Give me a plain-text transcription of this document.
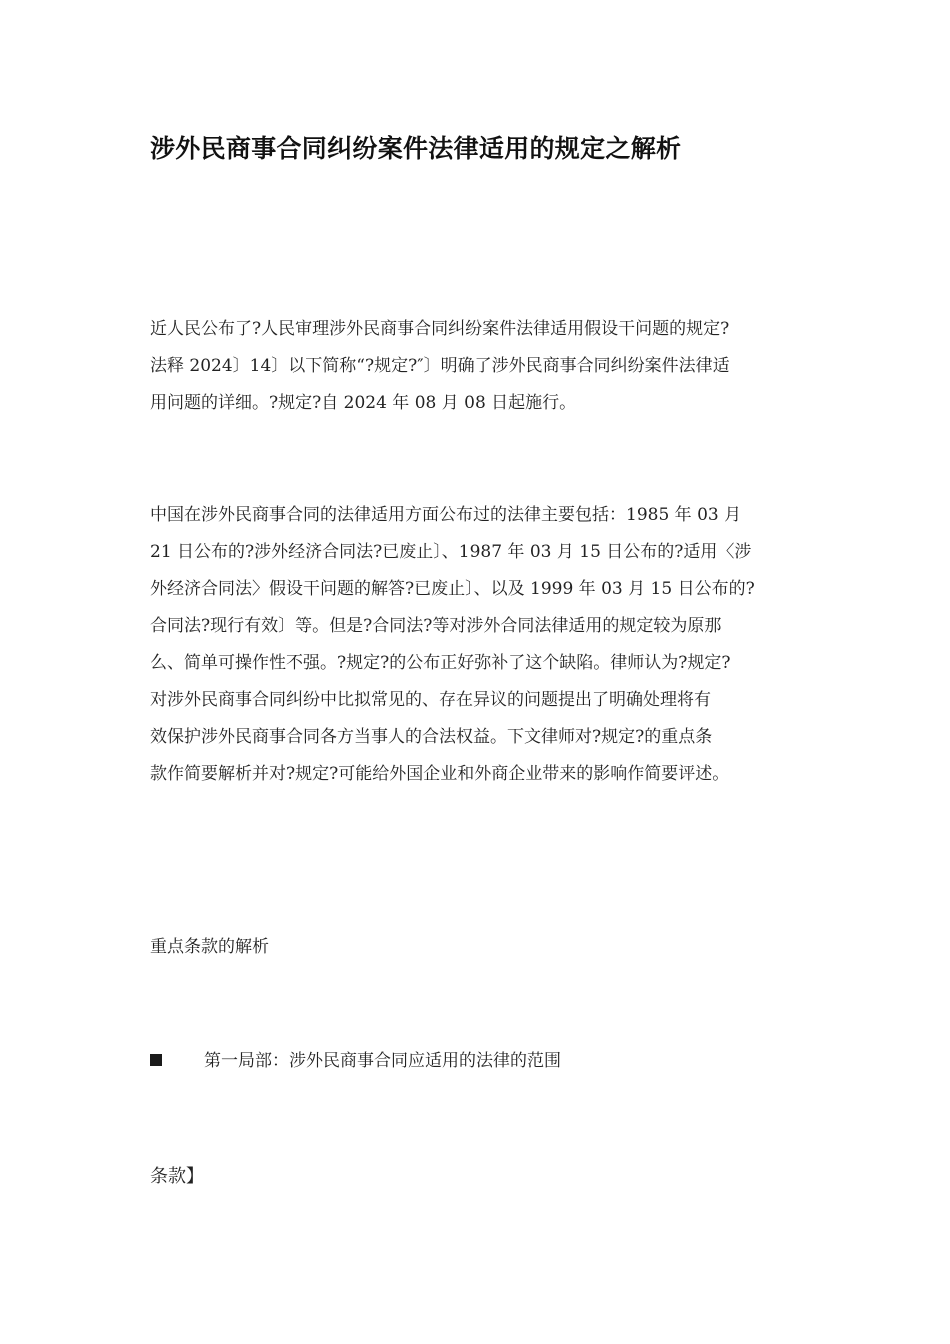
涉外民商事合同纠纷案件法律适用的规定之解析
近人民公布了?人民审理涉外民商事合同纠纷案件法律适用假设干问题的规定?
法释 2024〕14〕以下简称“?规定?″〕明确了涉外民商事合同纠纷案件法律适
用问题的详细。?规定?自 2024 年 08 月 08 日起施行。
中国在涉外民商事合同的法律适用方面公布过的法律主要包括：1985 年 03 月
21 日公布的?涉外经济合同法?已废止〕、1987 年 03 月 15 日公布的?适用〈涉
外经济合同法〉假设干问题的解答?已废止〕、以及 1999 年 03 月 15 日公布的?
合同法?现行有效〕等。但是?合同法?等对涉外合同法律适用的规定较为原那
么、简单可操作性不强。?规定?的公布正好弥补了这个缺陷。律师认为?规定?
对涉外民商事合同纠纷中比拟常见的、存在异议的问题提出了明确处理将有
效保护涉外民商事合同各方当事人的合法权益。下文律师对?规定?的重点条
款作简要解析并对?规定?可能给外国企业和外商企业带来的影响作简要评述。
重点条款的解析
第一局部：涉外民商事合同应适用的法律的范围
条款】
